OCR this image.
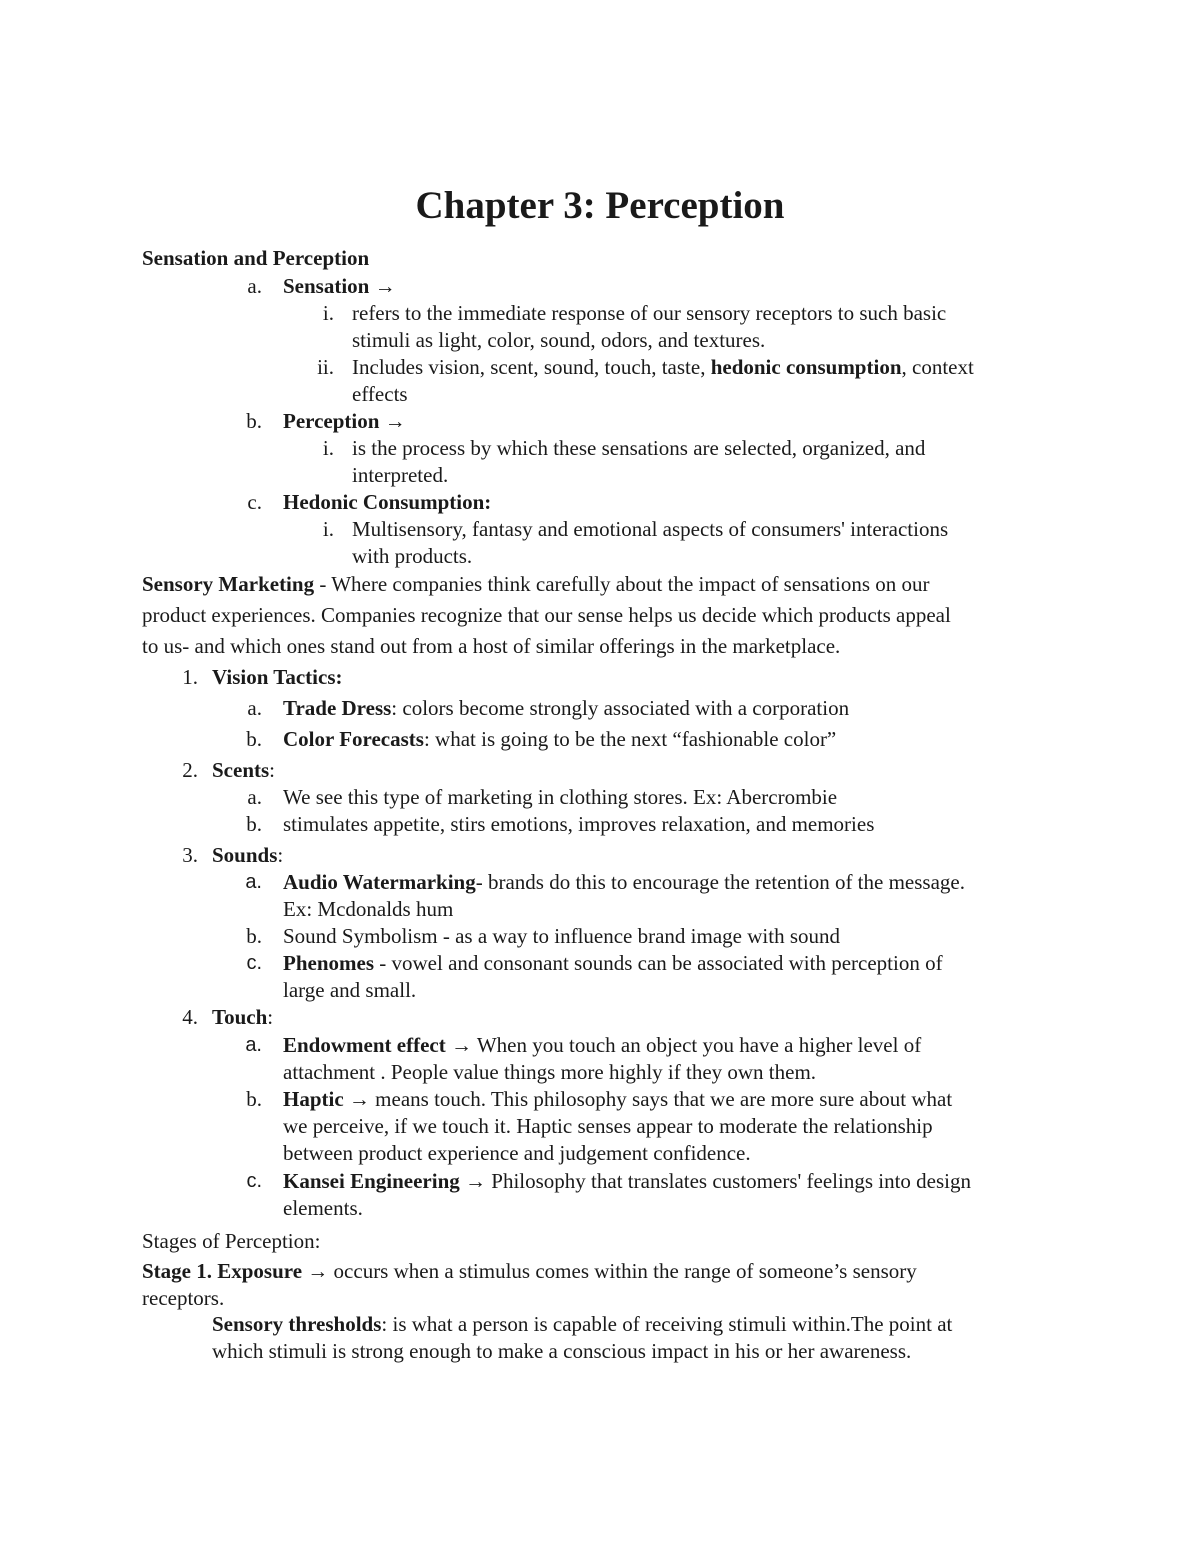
Chapter 3: Perception
Sensation and Perception
a. Sensation →
i. refers to the immediate response of our sensory receptors to such basic
stimuli as light, color, sound, odors, and textures.
ii. Includes vision, scent, sound, touch, taste, hedonic consumption, context
effects
b. Perception →
i. is the process by which these sensations are selected, organized, and
interpreted.
c. Hedonic Consumption:
i. Multisensory, fantasy and emotional aspects of consumers' interactions
with products.
Sensory Marketing - Where companies think carefully about the impact of sensations on our
product experiences. Companies recognize that our sense helps us decide which products appeal
to us- and which ones stand out from a host of similar offerings in the marketplace.
1. Vision Tactics:
a. Trade Dress: colors become strongly associated with a corporation
b. Color Forecasts: what is going to be the next “fashionable color”
2. Scents:
a. We see this type of marketing in clothing stores. Ex: Abercrombie
b. stimulates appetite, stirs emotions, improves relaxation, and memories
3. Sounds:
a. Audio Watermarking- brands do this to encourage the retention of the message.
Ex: Mcdonalds hum
b. Sound Symbolism - as a way to influence brand image with sound
c. Phenomes - vowel and consonant sounds can be associated with perception of
large and small.
4. Touch:
a. Endowment effect → When you touch an object you have a higher level of
attachment . People value things more highly if they own them.
b. Haptic → means touch. This philosophy says that we are more sure about what
we perceive, if we touch it. Haptic senses appear to moderate the relationship
between product experience and judgement confidence.
c. Kansei Engineering → Philosophy that translates customers' feelings into design
elements.
Stages of Perception:
Stage 1. Exposure → occurs when a stimulus comes within the range of someone’s sensory
receptors.
Sensory thresholds: is what a person is capable of receiving stimuli within.The point at
which stimuli is strong enough to make a conscious impact in his or her awareness.
